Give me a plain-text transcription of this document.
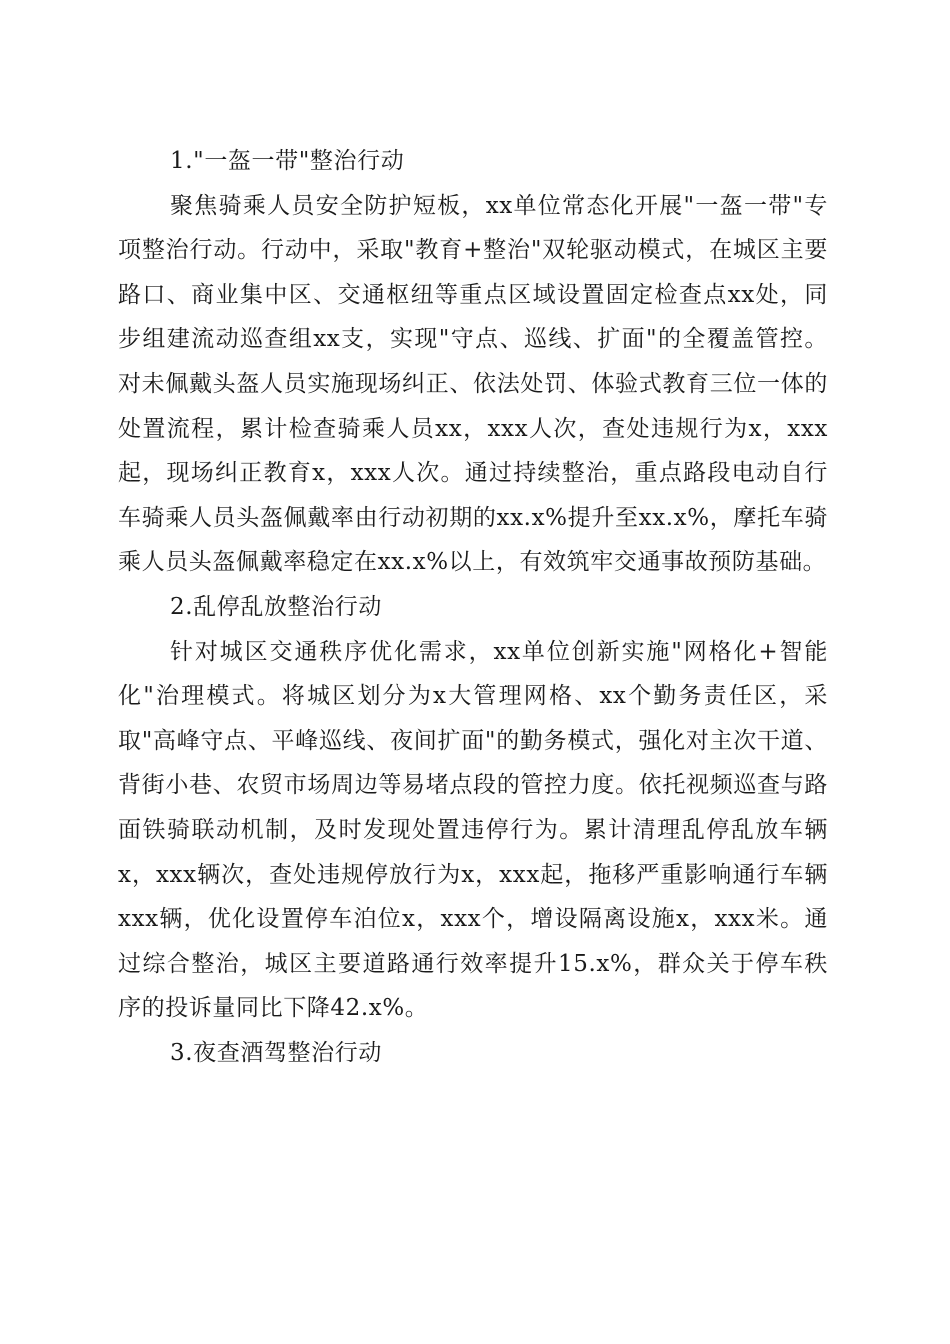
1."一盔一带"整治行动

聚焦骑乘人员安全防护短板，xx单位常态化开展"一盔一带"专项整治行动。行动中，采取"教育+整治"双轮驱动模式，在城区主要路口、商业集中区、交通枢纽等重点区域设置固定检查点xx处，同步组建流动巡查组xx支，实现"守点、巡线、扩面"的全覆盖管控。对未佩戴头盔人员实施现场纠正、依法处罚、体验式教育三位一体的处置流程，累计检查骑乘人员xx，xxx人次，查处违规行为x，xxx起，现场纠正教育x，xxx人次。通过持续整治，重点路段电动自行车骑乘人员头盔佩戴率由行动初期的xx.x%提升至xx.x%，摩托车骑乘人员头盔佩戴率稳定在xx.x%以上，有效筑牢交通事故预防基础。

2.乱停乱放整治行动

针对城区交通秩序优化需求，xx单位创新实施"网格化+智能化"治理模式。将城区划分为x大管理网格、xx个勤务责任区，采取"高峰守点、平峰巡线、夜间扩面"的勤务模式，强化对主次干道、背街小巷、农贸市场周边等易堵点段的管控力度。依托视频巡查与路面铁骑联动机制，及时发现处置违停行为。累计清理乱停乱放车辆x，xxx辆次，查处违规停放行为x，xxx起，拖移严重影响通行车辆xxx辆，优化设置停车泊位x，xxx个，增设隔离设施x，xxx米。通过综合整治，城区主要道路通行效率提升15.x%，群众关于停车秩序的投诉量同比下降42.x%。

3.夜查酒驾整治行动
